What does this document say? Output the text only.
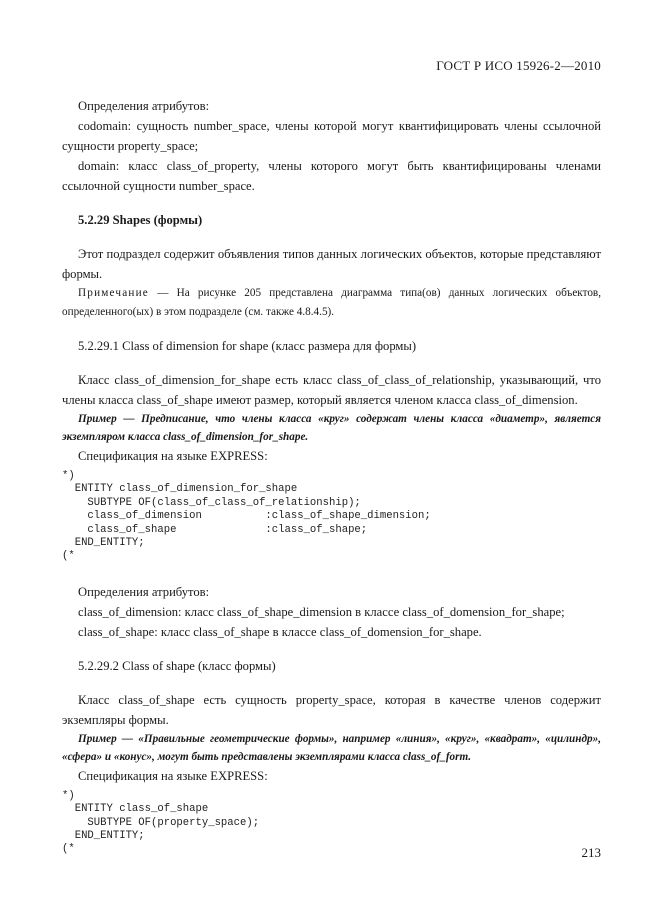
ГОСТ Р ИСО 15926-2—2010

Определения атрибутов:

codomain: сущность number_space, члены которой могут квантифицировать члены ссылочной сущности property_space;

domain: класс class_of_property, члены которого могут быть квантифицированы членами ссылочной сущности number_space.

5.2.29 Shapes (формы)

Этот подраздел содержит объявления типов данных логических объектов, которые представляют формы.

Примечание — На рисунке 205 представлена диаграмма типа(ов) данных логических объектов, определенного(ых) в этом подразделе (см. также 4.8.4.5).

5.2.29.1 Class of dimension for shape (класс размера для формы)

Класс class_of_dimension_for_shape есть класс class_of_class_of_relationship, указывающий, что члены класса class_of_shape имеют размер, который является членом класса class_of_dimension.

Пример — Предписание, что члены класса «круг» содержат члены класса «диаметр», является экземпляром класса class_of_dimension_for_shape.

Спецификация на языке EXPRESS:

*)
ENTITY class_of_dimension_for_shape
SUBTYPE OF(class_of_class_of_relationship);
class_of_dimension          :class_of_shape_dimension;
class_of_shape              :class_of_shape;
END_ENTITY;
(*

Определения атрибутов:

class_of_dimension: класс class_of_shape_dimension в классе class_of_domension_for_shape;

class_of_shape: класс class_of_shape в классе class_of_domension_for_shape.

5.2.29.2 Class of shape (класс формы)

Класс class_of_shape есть сущность property_space, которая в качестве членов содержит экземпляры формы.

Пример — «Правильные геометрические формы», например «линия», «круг», «квадрат», «цилиндр», «сфера» и «конус», могут быть представлены экземплярами класса class_of_form.

Спецификация на языке EXPRESS:

*)
ENTITY class_of_shape
SUBTYPE OF(property_space);
END_ENTITY;
(*	213
